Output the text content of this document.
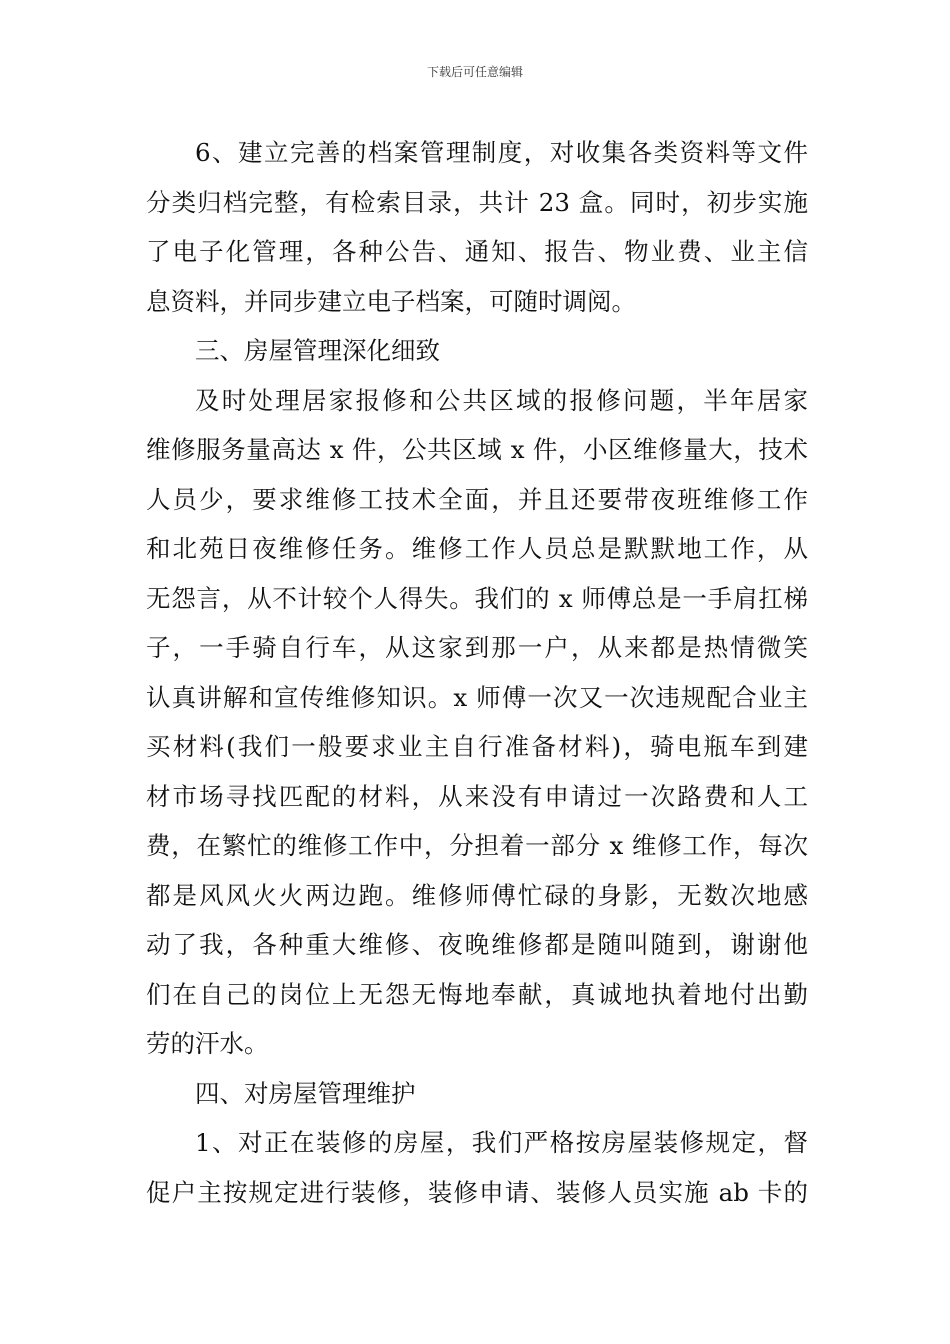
下载后可任意编辑
6、建立完善的档案管理制度，对收集各类资料等文件
分类归档完整，有检索目录，共计 23 盒。同时，初步实施
了电子化管理，各种公告、通知、报告、物业费、业主信
息资料，并同步建立电子档案，可随时调阅。
三、房屋管理深化细致
及时处理居家报修和公共区域的报修问题，半年居家
维修服务量高达 x 件，公共区域 x 件，小区维修量大，技术
人员少，要求维修工技术全面，并且还要带夜班维修工作
和北苑日夜维修任务。维修工作人员总是默默地工作，从
无怨言，从不计较个人得失。我们的 x 师傅总是一手肩扛梯
子，一手骑自行车，从这家到那一户，从来都是热情微笑
认真讲解和宣传维修知识。x 师傅一次又一次违规配合业主
买材料(我们一般要求业主自行准备材料)，骑电瓶车到建
材市场寻找匹配的材料，从来没有申请过一次路费和人工
费，在繁忙的维修工作中，分担着一部分 x 维修工作，每次
都是风风火火两边跑。维修师傅忙碌的身影，无数次地感
动了我，各种重大维修、夜晚维修都是随叫随到，谢谢他
们在自己的岗位上无怨无悔地奉献，真诚地执着地付出勤
劳的汗水。
四、对房屋管理维护
1、对正在装修的房屋，我们严格按房屋装修规定，督
促户主按规定进行装修，装修申请、装修人员实施 ab 卡的
